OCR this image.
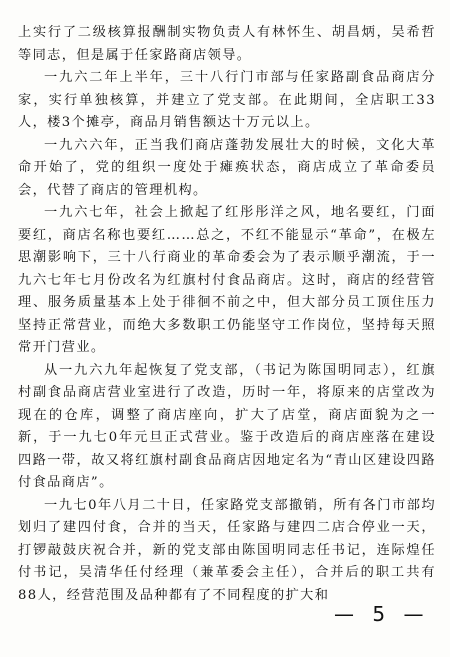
上实行了二级核算报酬制实物负责人有林怀生、胡昌炳，吴希哲等同志，但是属于任家路商店领导。

一九六二年上半年，三十八行门市部与任家路副食品商店分家，实行单独核算，并建立了党支部。在此期间，全店职工33人，楼3个摊亭，商品月销售额达十万元以上。

一九六六年，正当我们商店蓬勃发展壮大的时候，文化大革命开始了，党的组织一度处于瘫痪状态，商店成立了革命委员会，代替了商店的管理机构。

一九六七年，社会上掀起了红彤彤洋之风，地名要红，门面要红，商店名称也要红……总之，不红不能显示“革命”，在极左思潮影响下，三十八行商业的革命委会为了表示顺乎潮流，于一九六七年七月份改名为红旗村付食品商店。这时，商店的经营管理、服务质量基本上处于徘徊不前之中，但大部分员工顶住压力坚持正常营业，而绝大多数职工仍能坚守工作岗位，坚持每天照常开门营业。

从一九六九年起恢复了党支部，（书记为陈国明同志），红旗村副食品商店营业室进行了改造，历时一年，将原来的店堂改为现在的仓库，调整了商店座向，扩大了店堂，商店面貌为之一新，于一九七0年元旦正式营业。鉴于改造后的商店座落在建设四路一带，故又将红旗村副食品商店因地定名为“青山区建设四路付食品商店”。

一九七0年八月二十日，任家路党支部撤销，所有各门市部均划归了建四付食，合并的当天，任家路与建四二店合停业一天，打锣敲鼓庆祝合并，新的党支部由陈国明同志任书记，连际煌任付书记，吴清华任付经理（兼革委会主任），合并后的职工共有88人，经营范围及品种都有了不同程度的扩大和

— 5 —
